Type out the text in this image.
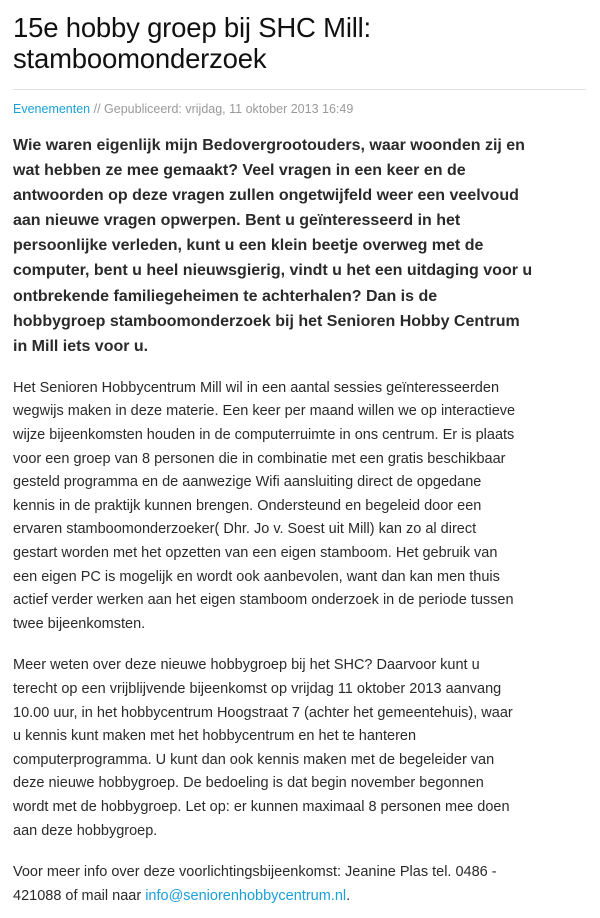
15e hobby groep bij SHC Mill:
stamboomonderzoek
Evenementen // Gepubliceerd: vrijdag, 11 oktober 2013 16:49

Wie waren eigenlijk mijn Bedovergrootouders, waar woonden zij en
wat hebben ze mee gemaakt? Veel vragen in een keer en de
antwoorden op deze vragen zullen ongetwijfeld weer een veelvoud
aan nieuwe vragen opwerpen. Bent u geïnteresseerd in het
persoonlijke verleden, kunt u een klein beetje overweg met de
computer, bent u heel nieuwsgierig, vindt u het een uitdaging voor u
ontbrekende familiegeheimen te achterhalen? Dan is de
hobbygroep stamboomonderzoek bij het Senioren Hobby Centrum
in Mill iets voor u.

Het Senioren Hobbycentrum Mill wil in een aantal sessies geïnteresseerden
wegwijs maken in deze materie. Een keer per maand willen we op interactieve
wijze bijeenkomsten houden in de computerruimte in ons centrum. Er is plaats
voor een groep van 8 personen die in combinatie met een gratis beschikbaar
gesteld programma en de aanwezige Wifi aansluiting direct de opgedane
kennis in de praktijk kunnen brengen. Ondersteund en begeleid door een
ervaren stamboomonderzoeker( Dhr. Jo v. Soest uit Mill) kan zo al direct
gestart worden met het opzetten van een eigen stamboom. Het gebruik van
een eigen PC is mogelijk en wordt ook aanbevolen, want dan kan men thuis
actief verder werken aan het eigen stamboom onderzoek in de periode tussen
twee bijeenkomsten.

Meer weten over deze nieuwe hobbygroep bij het SHC? Daarvoor kunt u
terecht op een vrijblijvende bijeenkomst op vrijdag 11 oktober 2013 aanvang
10.00 uur, in het hobbycentrum Hoogstraat 7 (achter het gemeentehuis), waar
u kennis kunt maken met het hobbycentrum en het te hanteren
computerprogramma. U kunt dan ook kennis maken met de begeleider van
deze nieuwe hobbygroep. De bedoeling is dat begin november begonnen
wordt met de hobbygroep. Let op: er kunnen maximaal 8 personen mee doen
aan deze hobbygroep.

Voor meer info over deze voorlichtingsbijeenkomst: Jeanine Plas tel. 0486 -
421088 of mail naar info@seniorenhobbycentrum.nl.
